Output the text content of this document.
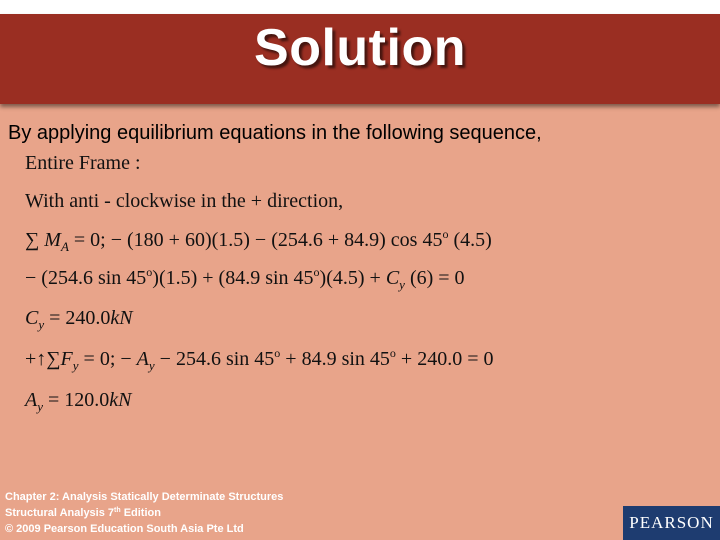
Solution
By applying equilibrium equations in the following sequence,
Entire Frame :
With anti - clockwise in the + direction,
∑ $M_A = 0$; − (180 + 60)(1.5) − (254.6 + 84.9) cos 45$^o$ (4.5)
− (254.6 $\sin 45^o)(1.5) + (84.9$ $\sin 45^o)(4.5) + C_y$ (6) = 0
$C_y = 240.0kN$
$+↑\sum F_y = 0$; − $A_y - 254.6$ $\sin 45^o + 84.9$ $\sin 45^o + 240.0 = 0$
$A_y = 120.0kN$
Chapter 2: Analysis Statically Determinate Structures
Structural Analysis 7th Edition
© 2009 Pearson Education South Asia Pte Ltd	PEARSON
